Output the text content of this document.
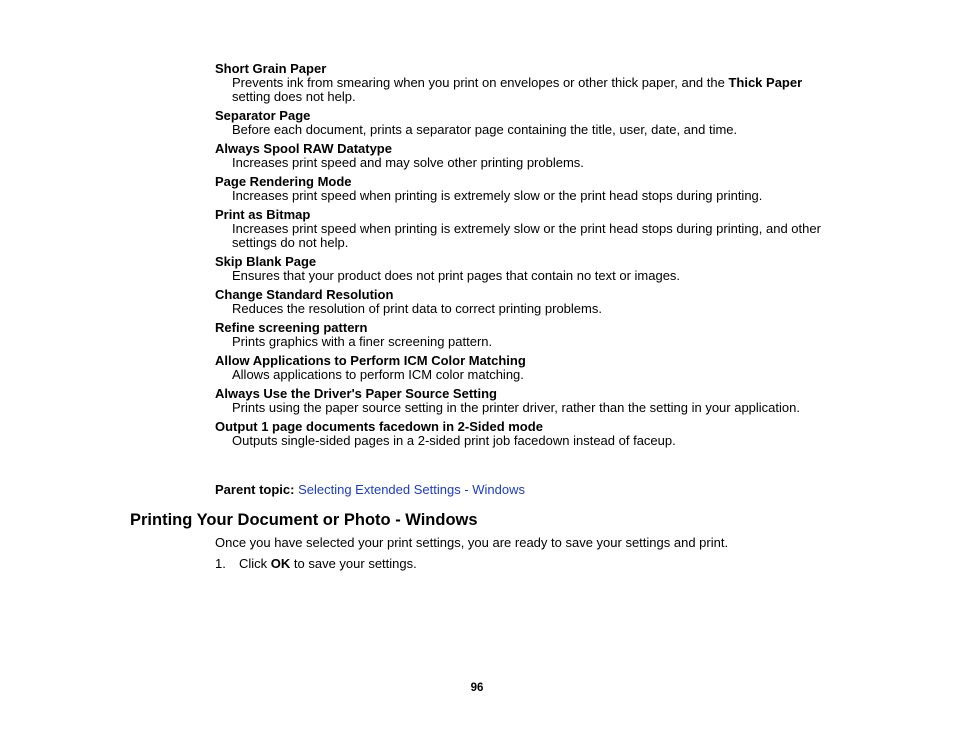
Short Grain Paper
Prevents ink from smearing when you print on envelopes or other thick paper, and the Thick Paper setting does not help.
Separator Page
Before each document, prints a separator page containing the title, user, date, and time.
Always Spool RAW Datatype
Increases print speed and may solve other printing problems.
Page Rendering Mode
Increases print speed when printing is extremely slow or the print head stops during printing.
Print as Bitmap
Increases print speed when printing is extremely slow or the print head stops during printing, and other settings do not help.
Skip Blank Page
Ensures that your product does not print pages that contain no text or images.
Change Standard Resolution
Reduces the resolution of print data to correct printing problems.
Refine screening pattern
Prints graphics with a finer screening pattern.
Allow Applications to Perform ICM Color Matching
Allows applications to perform ICM color matching.
Always Use the Driver's Paper Source Setting
Prints using the paper source setting in the printer driver, rather than the setting in your application.
Output 1 page documents facedown in 2-Sided mode
Outputs single-sided pages in a 2-sided print job facedown instead of faceup.
Parent topic: Selecting Extended Settings - Windows
Printing Your Document or Photo - Windows

Once you have selected your print settings, you are ready to save your settings and print.

1. Click OK to save your settings.

96
